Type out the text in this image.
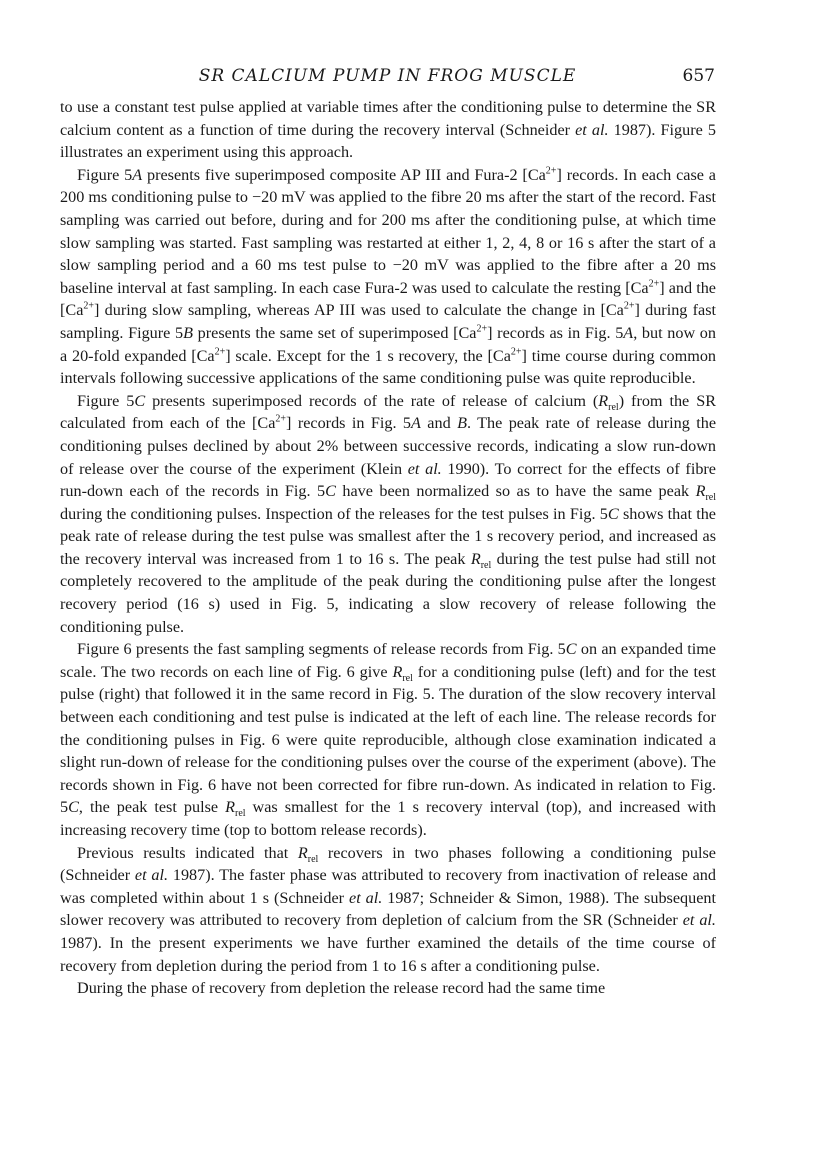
SR CALCIUM PUMP IN FROG MUSCLE	657

to use a constant test pulse applied at variable times after the conditioning pulse to determine the SR calcium content as a function of time during the recovery interval (Schneider et al. 1987). Figure 5 illustrates an experiment using this approach.

Figure 5A presents five superimposed composite AP III and Fura-2 $[Ca^{2+}]$ records. In each case a 200 ms conditioning pulse to −20 mV was applied to the fibre 20 ms after the start of the record. Fast sampling was carried out before, during and for 200 ms after the conditioning pulse, at which time slow sampling was started. Fast sampling was restarted at either 1, 2, 4, 8 or 16 s after the start of a slow sampling period and a 60 ms test pulse to −20 mV was applied to the fibre after a 20 ms baseline interval at fast sampling. In each case Fura-2 was used to calculate the resting $[Ca^{2+}]$ and the $[Ca^{2+}]$ during slow sampling, whereas AP III was used to calculate the change in $[Ca^{2+}]$ during fast sampling. Figure 5B presents the same set of superimposed $[Ca^{2+}]$ records as in Fig. 5A, but now on a 20-fold expanded $[Ca^{2+}]$ scale. Except for the 1 s recovery, the $[Ca^{2+}]$ time course during common intervals following successive applications of the same conditioning pulse was quite reproducible.

Figure 5C presents superimposed records of the rate of release of calcium $(R_{rel})$ from the SR calculated from each of the $[Ca^{2+}]$ records in Fig. 5A and B. The peak rate of release during the conditioning pulses declined by about 2% between successive records, indicating a slow run-down of release over the course of the experiment (Klein et al. 1990). To correct for the effects of fibre run-down each of the records in Fig. 5C have been normalized so as to have the same peak $R_{rel}$ during the conditioning pulses. Inspection of the releases for the test pulses in Fig. 5C shows that the peak rate of release during the test pulse was smallest after the 1 s recovery period, and increased as the recovery interval was increased from 1 to 16 s. The peak $R_{rel}$ during the test pulse had still not completely recovered to the amplitude of the peak during the conditioning pulse after the longest recovery period (16 s) used in Fig. 5, indicating a slow recovery of release following the conditioning pulse.

Figure 6 presents the fast sampling segments of release records from Fig. 5C on an expanded time scale. The two records on each line of Fig. 6 give $R_{rel}$ for a conditioning pulse (left) and for the test pulse (right) that followed it in the same record in Fig. 5. The duration of the slow recovery interval between each conditioning and test pulse is indicated at the left of each line. The release records for the conditioning pulses in Fig. 6 were quite reproducible, although close examination indicated a slight run-down of release for the conditioning pulses over the course of the experiment (above). The records shown in Fig. 6 have not been corrected for fibre run-down. As indicated in relation to Fig. 5C, the peak test pulse $R_{rel}$ was smallest for the 1 s recovery interval (top), and increased with increasing recovery time (top to bottom release records).

Previous results indicated that $R_{rel}$ recovers in two phases following a conditioning pulse (Schneider et al. 1987). The faster phase was attributed to recovery from inactivation of release and was completed within about 1 s (Schneider et al. 1987; Schneider & Simon, 1988). The subsequent slower recovery was attributed to recovery from depletion of calcium from the SR (Schneider et al. 1987). In the present experiments we have further examined the details of the time course of recovery from depletion during the period from 1 to 16 s after a conditioning pulse.

During the phase of recovery from depletion the release record had the same time
